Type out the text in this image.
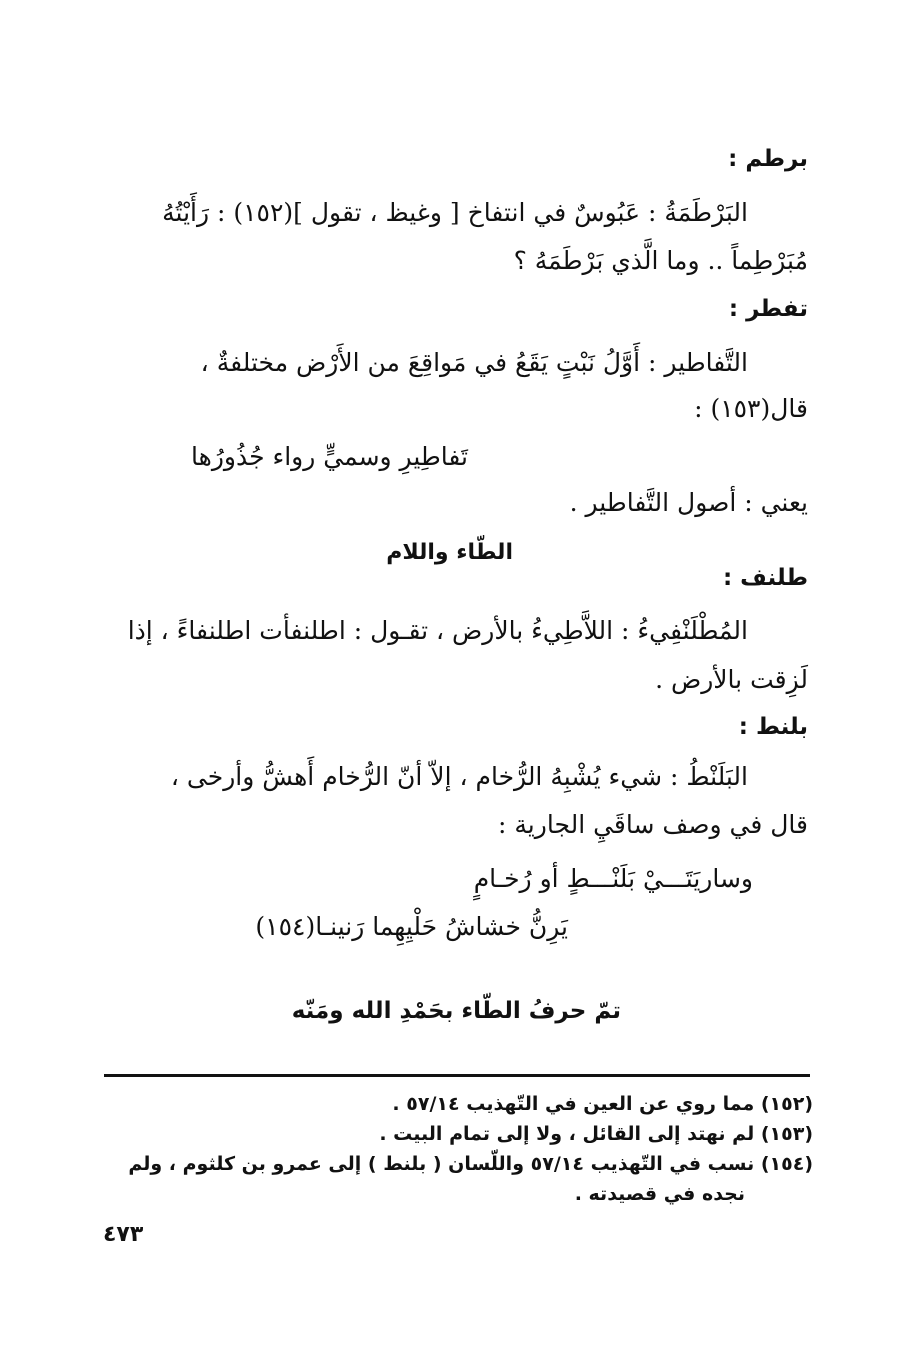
برطم :
البَرْطَمَةُ : عَبُوسٌ في انتفاخ [ وغيظ ، تقول ](١٥٢) : رَأَيْتُهُ
مُبَرْطِماً .. وما الَّذي بَرْطَمَهُ ؟
تفطر :
التَّفاطير : أَوَّلُ نَبْتٍ يَقَعُ في مَواقِعَ من الأَرْض مختلفةٌ ،
قال(١٥٣) :
تَفاطِيرِ وسميٍّ رواء جُذُورُها
يعني : أصول التَّفاطير .
الطّاء واللام
طلنف :
المُطْلَنْفِيءُ : اللاَّطِيءُ بالأرض ، تقـول : اطلنفأت اطلنفاءً ، إذا
لَزِقت بالأرض .
بلنط :
البَلَنْطُ : شيء يُشْبِهُ الرُّخام ، إلاّ أنّ الرُّخام أَهشُّ وأرخى ،
قال في وصف ساقَيِ الجارية :
وساريَتَـــيْ بَلَنْـــطٍ أو رُخـامٍ
يَرِنُّ خشاشُ حَلْيِهِما رَنينـا(١٥٤)
تمّ حرفُ الطّاء بحَمْدِ الله ومَنّه
(١٥٢) مما روي عن العين في التّهذيب ٥٧/١٤ .
(١٥٣) لم نهتد إلى القائل ، ولا إلى تمام البيت .
(١٥٤) نسب في التّهذيب ٥٧/١٤ واللّسان ( بلنط ) إلى عمرو بن كلثوم ، ولم
نجده في قصيدته .
٤٧٣
